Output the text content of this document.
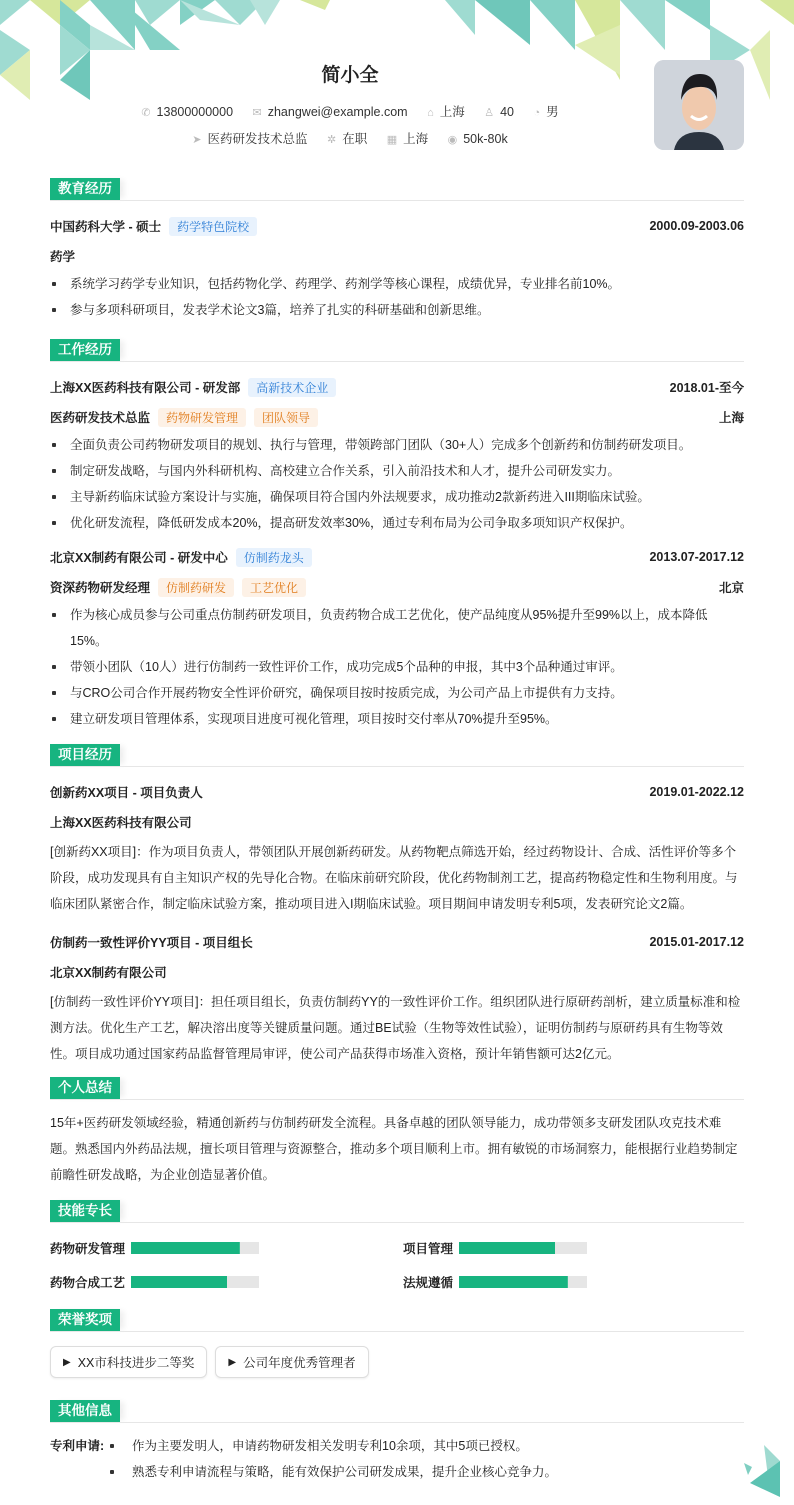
简小全
✆ 13800000000 ✉ zhangwei@example.com ⌂ 上海 ♙ 40 ◔ 男
➤ 医药研发技术总监 ✲ 在职 ▦ 上海 ◉ 50k-80k
教育经历
中国药科大学 - 硕士	药学特色院校	2000.09-2003.06
药学
系统学习药学专业知识，包括药物化学、药理学、药剂学等核心课程，成绩优异，专业排名前10%。
参与多项科研项目，发表学术论文3篇，培养了扎实的科研基础和创新思维。
工作经历
上海XX医药科技有限公司 - 研发部	高新技术企业	2018.01-至今
医药研发技术总监	药物研发管理	团队领导	上海
全面负责公司药物研发项目的规划、执行与管理，带领跨部门团队（30+人）完成多个创新药和仿制药研发项目。
制定研发战略，与国内外科研机构、高校建立合作关系，引入前沿技术和人才，提升公司研发实力。
主导新药临床试验方案设计与实施，确保项目符合国内外法规要求，成功推动2款新药进入III期临床试验。
优化研发流程，降低研发成本20%，提高研发效率30%，通过专利布局为公司争取多项知识产权保护。
北京XX制药有限公司 - 研发中心	仿制药龙头	2013.07-2017.12
资深药物研发经理	仿制药研发	工艺优化	北京
作为核心成员参与公司重点仿制药研发项目，负责药物合成工艺优化，使产品纯度从95%提升至99%以上，成本降低15%。
带领小团队（10人）进行仿制药一致性评价工作，成功完成5个品种的申报，其中3个品种通过审评。
与CRO公司合作开展药物安全性评价研究，确保项目按时按质完成，为公司产品上市提供有力支持。
建立研发项目管理体系，实现项目进度可视化管理，项目按时交付率从70%提升至95%。
项目经历
创新药XX项目 - 项目负责人	2019.01-2022.12
上海XX医药科技有限公司

[创新药XX项目]：作为项目负责人，带领团队开展创新药研发。从药物靶点筛选开始，经过药物设计、合成、活性评价等多个阶段，成功发现具有自主知识产权的先导化合物。在临床前研究阶段，优化药物制剂工艺，提高药物稳定性和生物利用度。与临床团队紧密合作，制定临床试验方案，推动项目进入I期临床试验。项目期间申请发明专利5项，发表研究论文2篇。

仿制药一致性评价YY项目 - 项目组长	2015.01-2017.12
北京XX制药有限公司

[仿制药一致性评价YY项目]：担任项目组长，负责仿制药YY的一致性评价工作。组织团队进行原研药剖析，建立质量标准和检测方法。优化生产工艺，解决溶出度等关键质量问题。通过BE试验（生物等效性试验），证明仿制药与原研药具有生物等效性。项目成功通过国家药品监督管理局审评，使公司产品获得市场准入资格，预计年销售额可达2亿元。

个人总结

15年+医药研发领域经验，精通创新药与仿制药研发全流程。具备卓越的团队领导能力，成功带领多支研发团队攻克技术难题。熟悉国内外药品法规，擅长项目管理与资源整合，推动多个项目顺利上市。拥有敏锐的市场洞察力，能根据行业趋势制定前瞻性研发战略，为企业创造显著价值。

技能专长
药物研发管理	项目管理
药物合成工艺	法规遵循
荣誉奖项
▶ XX市科技进步二等奖	▶ 公司年度优秀管理者
其他信息
专利申请:	作为主要发明人，申请药物研发相关发明专利10余项，其中5项已授权。
熟悉专利申请流程与策略，能有效保护公司研发成果，提升企业核心竞争力。
